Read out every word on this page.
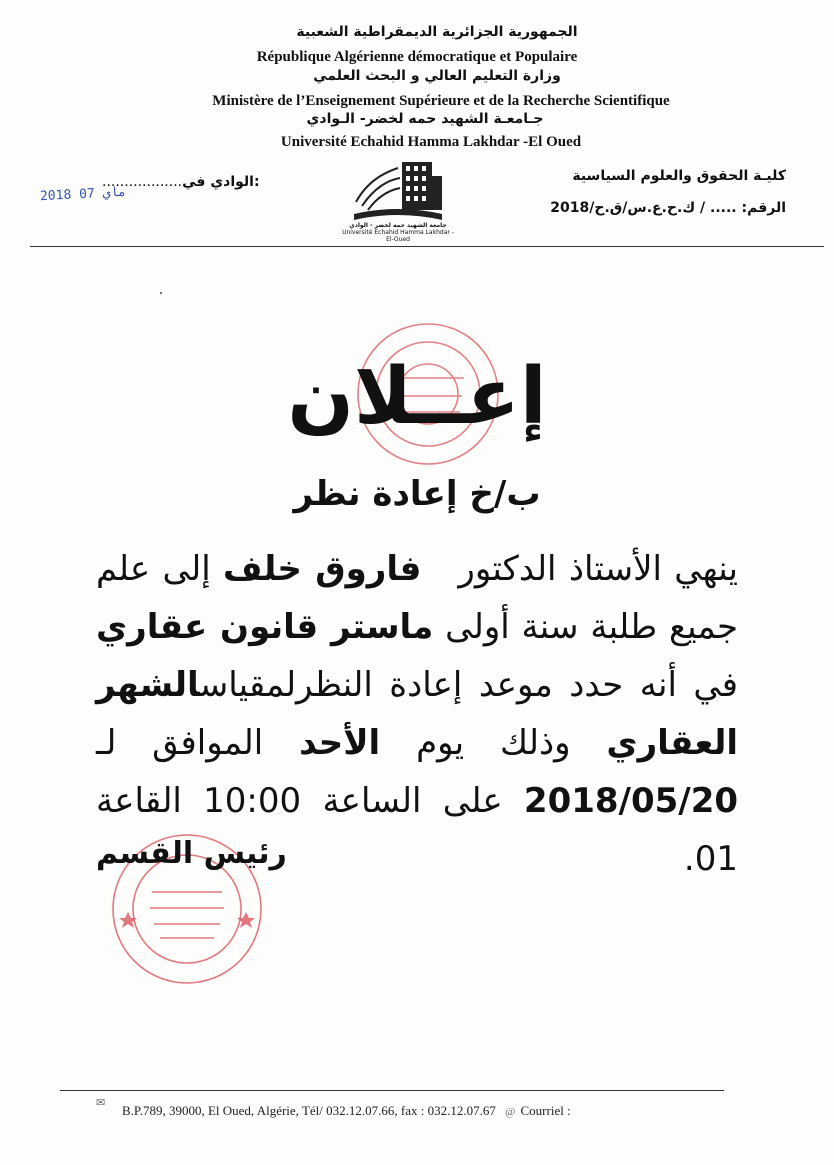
الجمهورية الجزائرية الديمقراطية الشعبية
République Algérienne démocratique et Populaire
وزارة التعليم العالي و البحث العلمي
Ministère de l’Enseignement Supérieure et de la Recherche Scientifique
جـامعـة الشهيد حمه لخضر- الـوادي
Université Echahid Hamma Lakhdar -El Oued
..................الوادي في:
2018 ماي 07
جامعة الشهيد حمه لخضر - الوادي
Université Echahid Hamma Lakhdar - El-Oued
كليـة الحقوق والعلوم السياسية
الرقم: ..... / ك.ح.ع.س/ق.ح/2018
إعــلان
ب/خ إعادة نظر
ينهي الأستاذ الدكتور   فاروق خلف إلى علم جميع طلبة سنة أولى ماستر قانون عقاري في أنه حدد موعد إعادة النظرلمقياسالشهر العقاري وذلك يوم الأحد الموافق لـ 2018/05/20 على الساعة 10:00 القاعة 01.
رئيس القسم
✉
B.P.789, 39000, El Oued, Algérie, Tél/ 032.12.07.66, fax : 032.12.07.67 @ Courriel :
